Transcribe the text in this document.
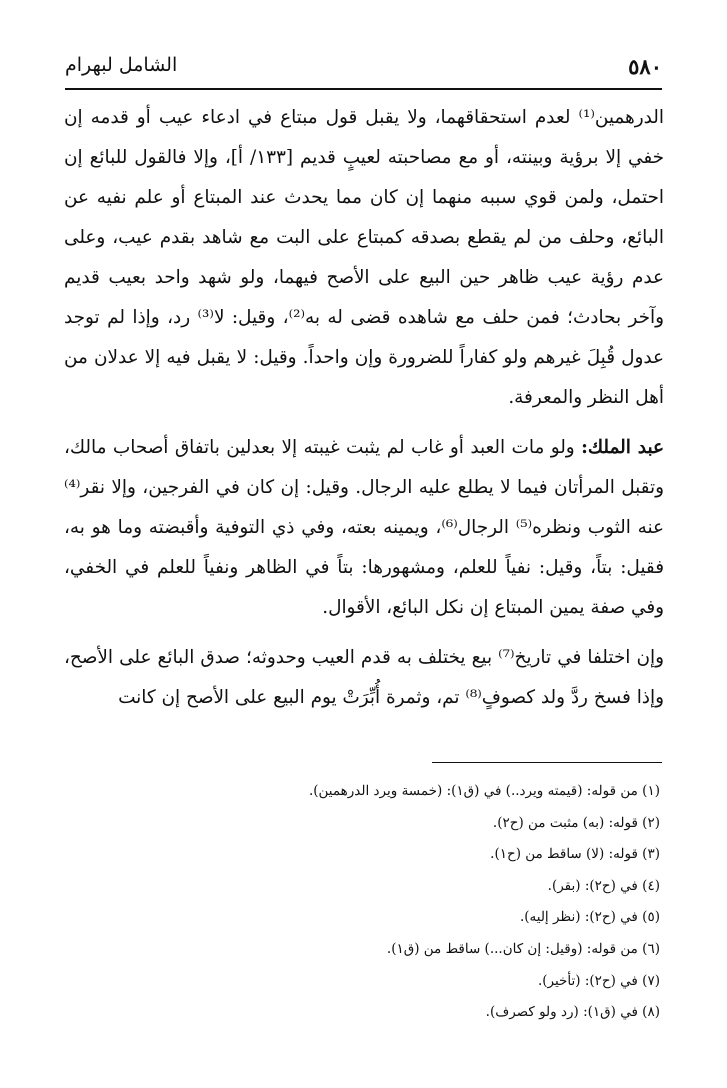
٥٨٠
الشامل لبهرام

الدرهمين⁽¹⁾ لعدم استحقاقهما، ولا يقبل قول مبتاع في ادعاء عيب أو قدمه إن خفي إلا برؤية وبينته، أو مع مصاحبته لعيبٍ قديم [١٣٣/ أ]، وإلا فالقول للبائع إن احتمل، ولمن قوي سببه منهما إن كان مما يحدث عند المبتاع أو علم نفيه عن البائع، وحلف من لم يقطع بصدقه كمبتاع على البت مع شاهد بقدم عيب، وعلى عدم رؤية عيب ظاهر حين البيع على الأصح فيهما، ولو شهد واحد بعيب قديم وآخر بحادث؛ فمن حلف مع شاهده قضى له به⁽²⁾، وقيل: لا⁽³⁾ رد، وإذا لم توجد عدول قُبِلَ غيرهم ولو كفاراً للضرورة وإن واحداً. وقيل: لا يقبل فيه إلا عدلان من أهل النظر والمعرفة.

عبد الملك: ولو مات العبد أو غاب لم يثبت غيبته إلا بعدلين باتفاق أصحاب مالك، وتقبل المرأتان فيما لا يطلع عليه الرجال. وقيل: إن كان في الفرجين، وإلا نقر⁽⁴⁾ عنه الثوب ونظره⁽⁵⁾ الرجال⁽⁶⁾، ويمينه بعته، وفي ذي التوفية وأقبضته وما هو به، فقيل: بتاً، وقيل: نفياً للعلم، ومشهورها: بتاً في الظاهر ونفياً للعلم في الخفي، وفي صفة يمين المبتاع إن نكل البائع، الأقوال.

وإن اختلفا في تاريخ⁽⁷⁾ بيع يختلف به قدم العيب وحدوثه؛ صدق البائع على الأصح، وإذا فسخ ردَّ ولد كصوفٍ⁽⁸⁾ تم، وثمرة أُبِّرَتْ يوم البيع على الأصح إن كانت

(١) من قوله: (قيمته ويرد..) في (ق١): (خمسة ويرد الدرهمين).
(٢) قوله: (به) مثبت من (ح٢).
(٣) قوله: (لا) ساقط من (ح١).
(٤) في (ح٢): (بقر).
(٥) في (ح٢): (نظر إليه).
(٦) من قوله: (وقيل: إن كان...) ساقط من (ق١).
(٧) في (ح٢): (تأخير).
(٨) في (ق١): (رد ولو كصرف).
